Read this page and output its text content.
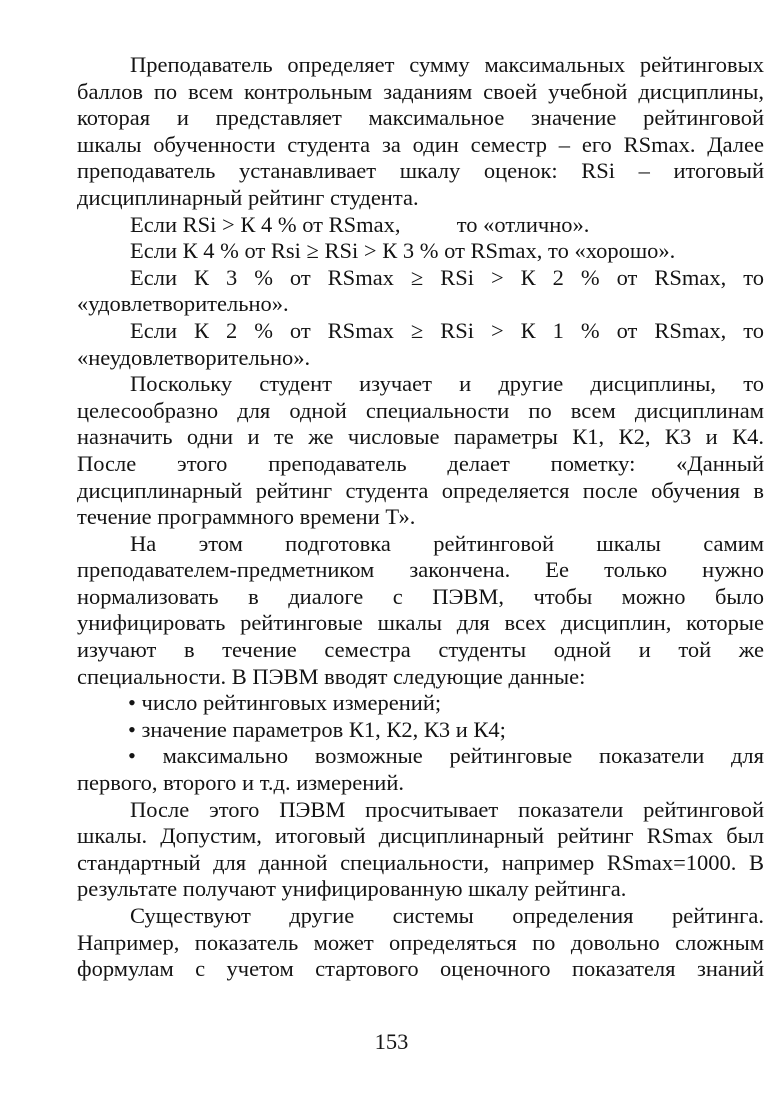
Преподаватель определяет сумму максимальных рейтинговых
баллов по всем контрольным заданиям своей учебной дисциплины,
которая и представляет максимальное значение рейтинговой
шкалы обученности студента за один семестр – его RSmax. Далее
преподаватель устанавливает шкалу оценок: RSi – итоговый
дисциплинарный рейтинг студента.
Если RSi > К 4 % от RSmax,          то «отлично».
Если К 4 % от Rsi ≥ RSi > К 3 % от RSmax, то «хорошо».
Если К 3 % от RSmax ≥ RSi > К 2 % от RSmax, то
«удовлетворительно».
Если К 2 % от RSmax ≥ RSi > К 1 % от RSmax, то
«неудовлетворительно».
Поскольку студент изучает и другие дисциплины, то
целесообразно для одной специальности по всем дисциплинам
назначить одни и те же числовые параметры К1, К2, К3 и К4.
После этого преподаватель делает пометку: «Данный
дисциплинарный рейтинг студента определяется после обучения в
течение программного времени Т».
На этом подготовка рейтинговой шкалы самим
преподавателем-предметником закончена. Ее только нужно
нормализовать в диалоге с ПЭВМ, чтобы можно было
унифицировать рейтинговые шкалы для всех дисциплин, которые
изучают в течение семестра студенты одной и той же
специальности. В ПЭВМ вводят следующие данные:
• число рейтинговых измерений;
• значение параметров К1, К2, К3 и К4;
• максимально возможные рейтинговые показатели для
первого, второго и т.д. измерений.
После этого ПЭВМ просчитывает показатели рейтинговой
шкалы. Допустим, итоговый дисциплинарный рейтинг RSmax был
стандартный для данной специальности, например RSmax=1000. В
результате получают унифицированную шкалу рейтинга.
Существуют другие системы определения рейтинга.
Например, показатель может определяться по довольно сложным
формулам с учетом стартового оценочного показателя знаний
153
